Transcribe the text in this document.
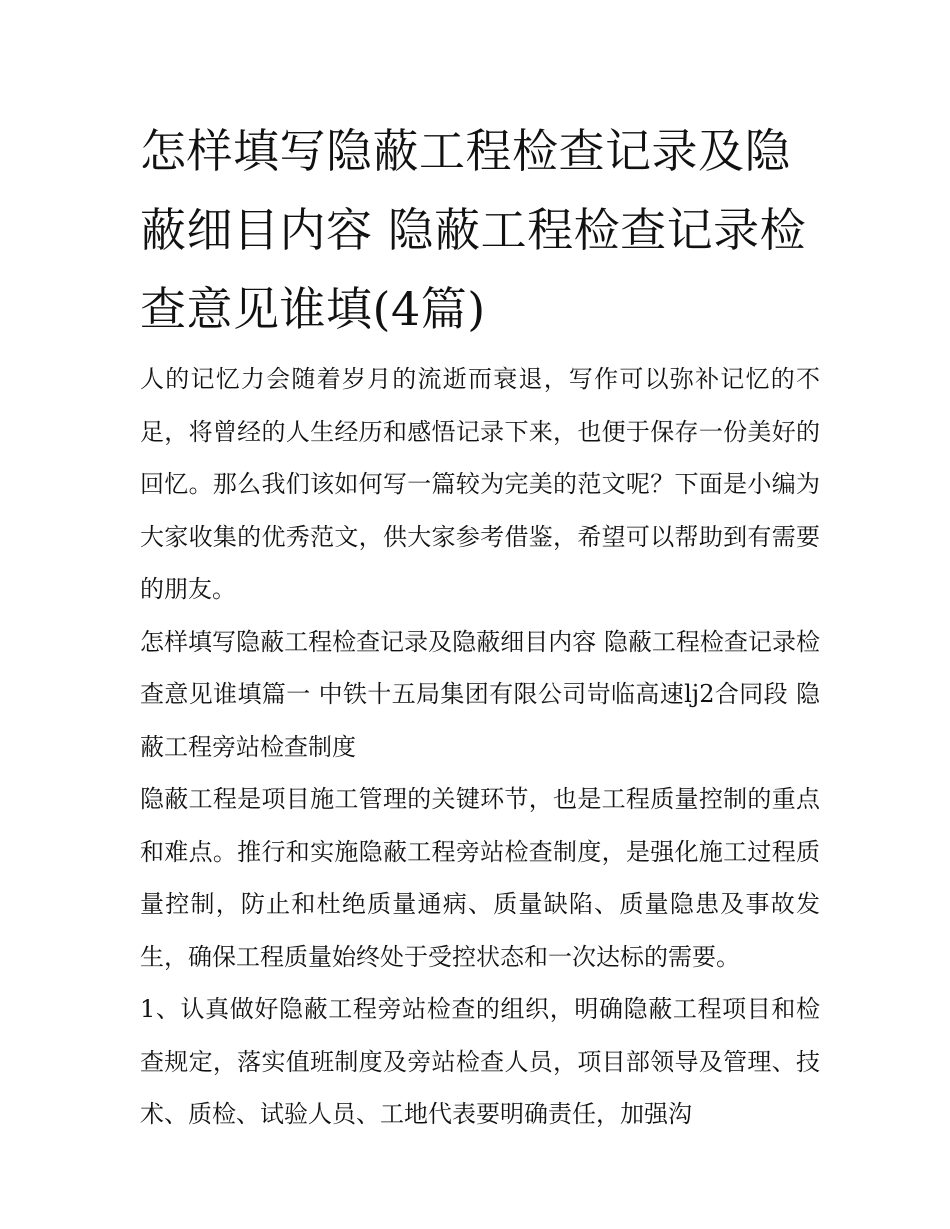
怎样填写隐蔽工程检查记录及隐蔽细目内容 隐蔽工程检查记录检查意见谁填(4篇)

人的记忆力会随着岁月的流逝而衰退，写作可以弥补记忆的不足，将曾经的人生经历和感悟记录下来，也便于保存一份美好的回忆。那么我们该如何写一篇较为完美的范文呢？下面是小编为大家收集的优秀范文，供大家参考借鉴，希望可以帮助到有需要的朋友。

怎样填写隐蔽工程检查记录及隐蔽细目内容 隐蔽工程检查记录检查意见谁填篇一 中铁十五局集团有限公司岢临高速lj2合同段 隐蔽工程旁站检查制度

隐蔽工程是项目施工管理的关键环节，也是工程质量控制的重点和难点。推行和实施隐蔽工程旁站检查制度，是强化施工过程质量控制，防止和杜绝质量通病、质量缺陷、质量隐患及事故发生，确保工程质量始终处于受控状态和一次达标的需要。

1、认真做好隐蔽工程旁站检查的组织，明确隐蔽工程项目和检查规定，落实值班制度及旁站检查人员，项目部领导及管理、技术、质检、试验人员、工地代表要明确责任，加强沟
